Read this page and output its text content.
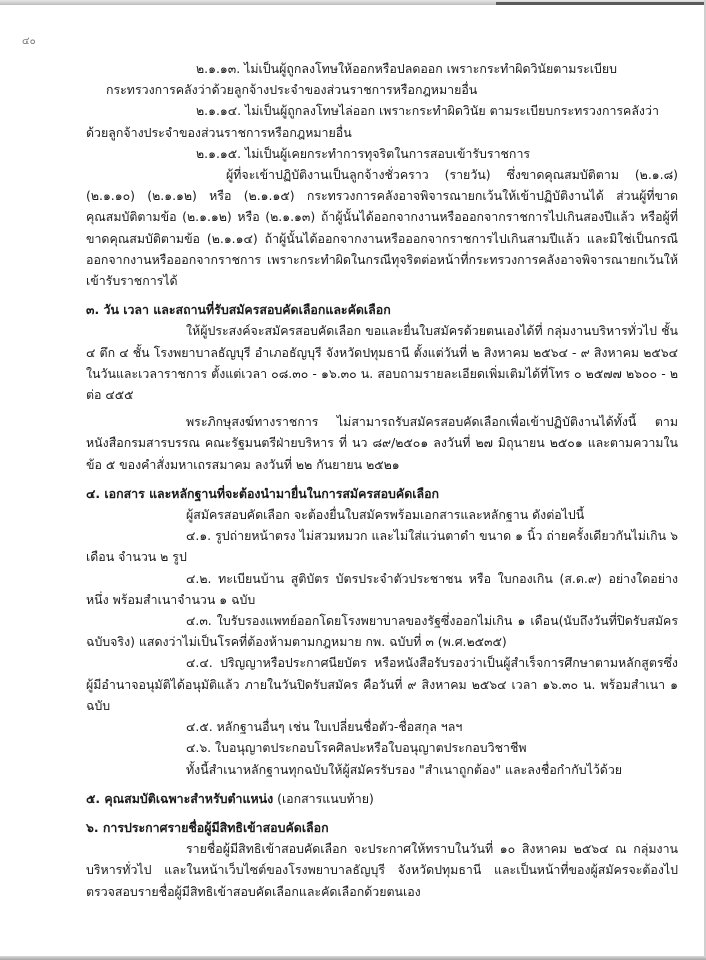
๔๐

๒.๑.๑๓. ไม่เป็นผู้ถูกลงโทษให้ออกหรือปลดออก เพราะกระทำผิดวินัยตามระเบียบ

กระทรวงการคลังว่าด้วยลูกจ้างประจำของส่วนราชการหรือกฎหมายอื่น

๒.๑.๑๔. ไม่เป็นผู้ถูกลงโทษไล่ออก เพราะกระทำผิดวินัย ตามระเบียบกระทรวงการคลังว่า

ด้วยลูกจ้างประจำของส่วนราชการหรือกฎหมายอื่น

๒.๑.๑๕. ไม่เป็นผู้เคยกระทำการทุจริตในการสอบเข้ารับราชการ

ผู้ที่จะเข้าปฏิบัติงานเป็นลูกจ้างชั่วคราว (รายวัน) ซึ่งขาดคุณสมบัติตาม (๒.๑.๘) (๒.๑.๑๐) (๒.๑.๑๒) หรือ (๒.๑.๑๕) กระทรวงการคลังอาจพิจารณายกเว้นให้เข้าปฏิบัติงานได้ ส่วนผู้ที่ขาดคุณสมบัติตามข้อ (๒.๑.๑๒) หรือ (๒.๑.๑๓) ถ้าผู้นั้นได้ออกจากงานหรือออกจากราชการไปเกินสองปีแล้ว หรือผู้ที่ขาดคุณสมบัติตามข้อ (๒.๑.๑๔) ถ้าผู้นั้นได้ออกจากงานหรือออกจากราชการไปเกินสามปีแล้ว และมิใช่เป็นกรณีออกจากงานหรือออกจากราชการ เพราะกระทำผิดในกรณีทุจริตต่อหน้าที่กระทรวงการคลังอาจพิจารณายกเว้นให้เข้ารับราชการได้

๓. วัน เวลา และสถานที่รับสมัครสอบคัดเลือกและคัดเลือก

ให้ผู้ประสงค์จะสมัครสอบคัดเลือก ขอและยื่นใบสมัครด้วยตนเองได้ที่ กลุ่มงานบริหารทั่วไป ชั้น ๔ ตึก ๔ ชั้น โรงพยาบาลธัญบุรี อำเภอธัญบุรี จังหวัดปทุมธานี ตั้งแต่วันที่ ๒ สิงหาคม ๒๕๖๔ - ๙ สิงหาคม ๒๕๖๔ ในวันและเวลาราชการ ตั้งแต่เวลา ๐๘.๓๐ - ๑๖.๓๐ น. สอบถามรายละเอียดเพิ่มเติมได้ที่โทร ๐ ๒๕๗๗ ๒๖๐๐ - ๒ ต่อ ๔๕๕

พระภิกษุสงฆ์ทางราชการ ไม่สามารถรับสมัครสอบคัดเลือกเพื่อเข้าปฏิบัติงานได้ทั้งนี้ ตามหนังสือกรมสารบรรณ คณะรัฐมนตรีฝ่ายบริหาร ที่ นว ๘๙/๒๕๐๑ ลงวันที่ ๒๗ มิถุนายน ๒๕๐๑ และตามความในข้อ ๕ ของคำสั่งมหาเถรสมาคม ลงวันที่ ๒๒ กันยายน ๒๕๒๑

๔. เอกสาร และหลักฐานที่จะต้องนำมายื่นในการสมัครสอบคัดเลือก

ผู้สมัครสอบคัดเลือก จะต้องยื่นใบสมัครพร้อมเอกสารและหลักฐาน ดังต่อไปนี้

๔.๑. รูปถ่ายหน้าตรง ไม่สวมหมวก และไม่ใส่แว่นตาดำ ขนาด ๑ นิ้ว ถ่ายครั้งเดียวกันไม่เกิน ๖ เดือน จำนวน ๒ รูป

๔.๒. ทะเบียนบ้าน สูติบัตร บัตรประจำตัวประชาชน หรือ ใบกองเกิน (ส.ด.๙) อย่างใดอย่างหนึ่ง พร้อมสำเนาจำนวน ๑ ฉบับ

๔.๓. ใบรับรองแพทย์ออกโดยโรงพยาบาลของรัฐซึ่งออกไม่เกิน ๑ เดือน(นับถึงวันที่ปิดรับสมัครฉบับจริง) แสดงว่าไม่เป็นโรคที่ต้องห้ามตามกฎหมาย กพ. ฉบับที่ ๓ (พ.ศ.๒๕๓๕)

๔.๔. ปริญญาหรือประกาศนียบัตร หรือหนังสือรับรองว่าเป็นผู้สำเร็จการศึกษาตามหลักสูตรซึ่งผู้มีอำนาจอนุมัติได้อนุมัติแล้ว ภายในวันปิดรับสมัคร คือวันที่ ๙ สิงหาคม ๒๕๖๔ เวลา ๑๖.๓๐ น. พร้อมสำเนา ๑ ฉบับ

๔.๕. หลักฐานอื่นๆ เช่น ใบเปลี่ยนชื่อตัว-ชื่อสกุล ฯลฯ

๔.๖. ใบอนุญาตประกอบโรคศิลปะหรือใบอนุญาตประกอบวิชาชีพ

ทั้งนี้สำเนาหลักฐานทุกฉบับให้ผู้สมัครรับรอง "สำเนาถูกต้อง" และลงชื่อกำกับไว้ด้วย

๕. คุณสมบัติเฉพาะสำหรับตำแหน่ง (เอกสารแนบท้าย)

๖. การประกาศรายชื่อผู้มีสิทธิเข้าสอบคัดเลือก

รายชื่อผู้มีสิทธิเข้าสอบคัดเลือก จะประกาศให้ทราบในวันที่ ๑๐ สิงหาคม ๒๕๖๔ ณ กลุ่มงานบริหารทั่วไป และในหน้าเว็บไซต์ของโรงพยาบาลธัญบุรี จังหวัดปทุมธานี และเป็นหน้าที่ของผู้สมัครจะต้องไปตรวจสอบรายชื่อผู้มีสิทธิเข้าสอบคัดเลือกและคัดเลือกด้วยตนเอง
